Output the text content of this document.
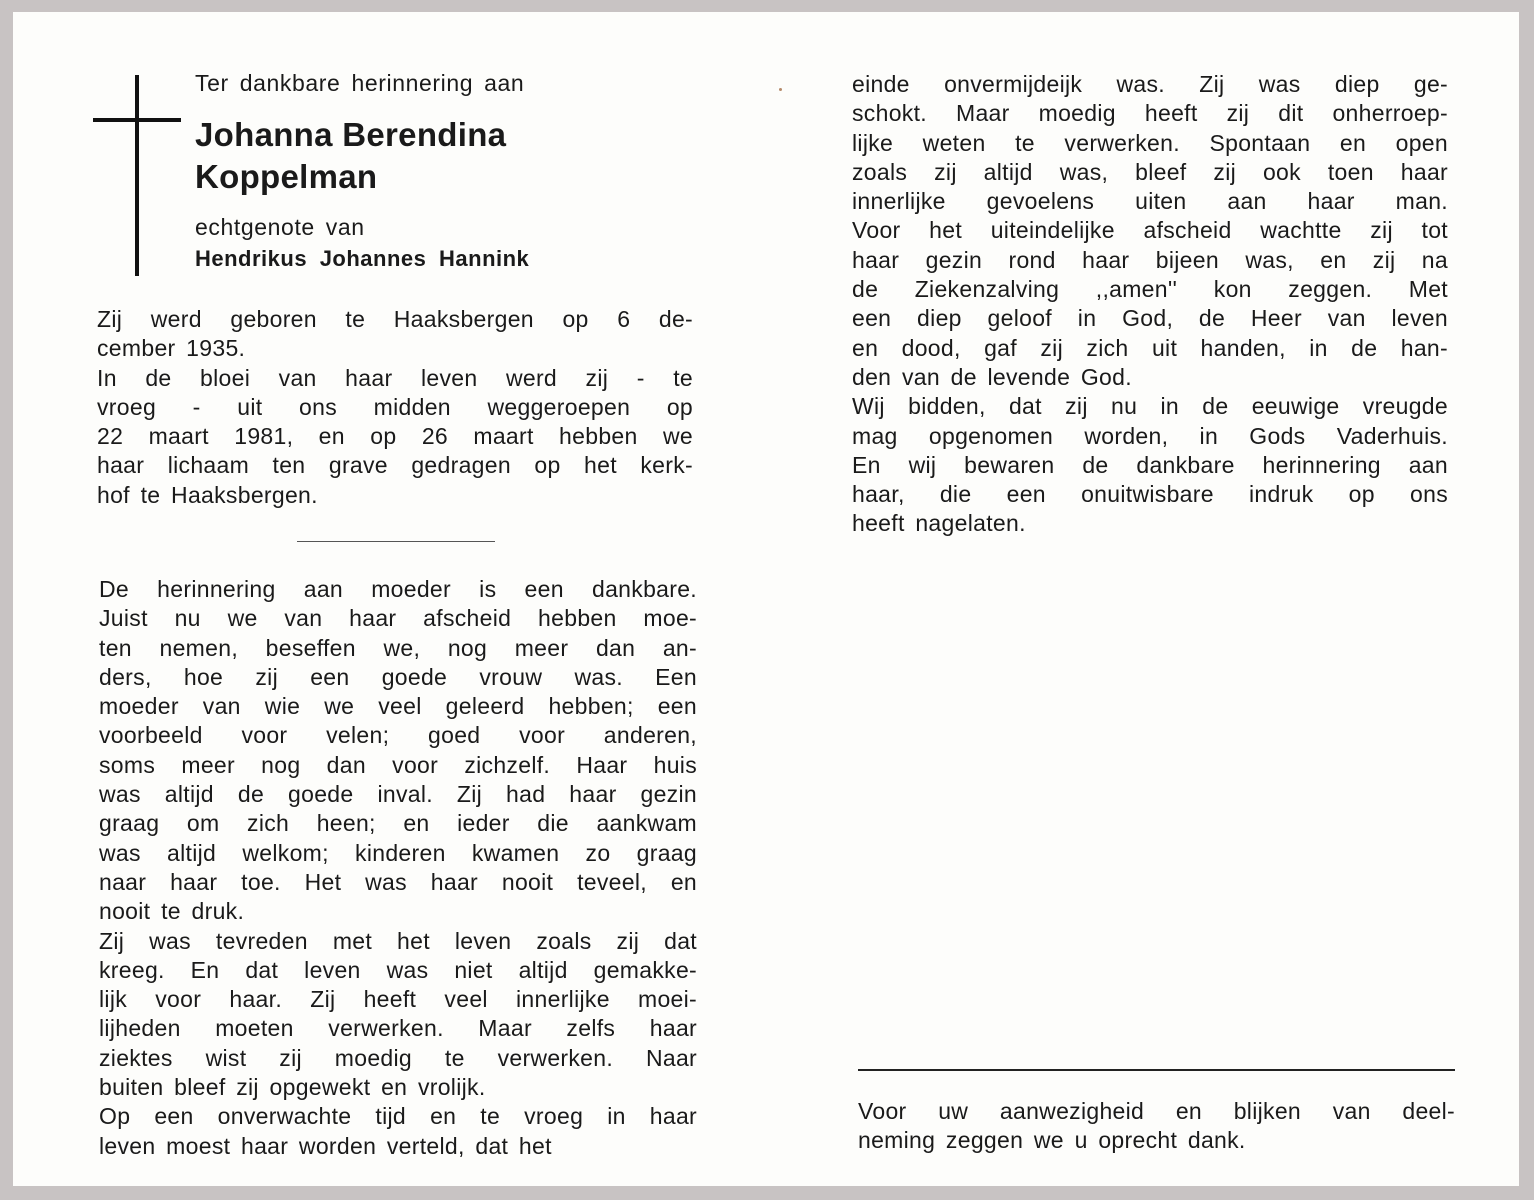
Ter dankbare herinnering aan
Johanna Berendina
Koppelman
echtgenote van
Hendrikus Johannes Hannink
Zij werd geboren te Haaksbergen op 6 de-
cember 1935.
In de bloei van haar leven werd zij - te
vroeg - uit ons midden weggeroepen op
22 maart 1981, en op 26 maart hebben we
haar lichaam ten grave gedragen op het kerk-
hof te Haaksbergen.
De herinnering aan moeder is een dankbare.
Juist nu we van haar afscheid hebben moe-
ten nemen, beseffen we, nog meer dan an-
ders, hoe zij een goede vrouw was. Een
moeder van wie we veel geleerd hebben; een
voorbeeld voor velen; goed voor anderen,
soms meer nog dan voor zichzelf. Haar huis
was altijd de goede inval. Zij had haar gezin
graag om zich heen; en ieder die aankwam
was altijd welkom; kinderen kwamen zo graag
naar haar toe. Het was haar nooit teveel, en
nooit te druk.
Zij was tevreden met het leven zoals zij dat
kreeg. En dat leven was niet altijd gemakke-
lijk voor haar. Zij heeft veel innerlijke moei-
lijheden moeten verwerken. Maar zelfs haar
ziektes wist zij moedig te verwerken. Naar
buiten bleef zij opgewekt en vrolijk.
Op een onverwachte tijd en te vroeg in haar
leven moest haar worden verteld, dat het
einde onvermijdeijk was. Zij was diep ge-
schokt. Maar moedig heeft zij dit onherroep-
lijke weten te verwerken. Spontaan en open
zoals zij altijd was, bleef zij ook toen haar
innerlijke gevoelens uiten aan haar man.
Voor het uiteindelijke afscheid wachtte zij tot
haar gezin rond haar bijeen was, en zij na
de Ziekenzalving ,,amen'' kon zeggen. Met
een diep geloof in God, de Heer van leven
en dood, gaf zij zich uit handen, in de han-
den van de levende God.
Wij bidden, dat zij nu in de eeuwige vreugde
mag opgenomen worden, in Gods Vaderhuis.
En wij bewaren de dankbare herinnering aan
haar, die een onuitwisbare indruk op ons
heeft nagelaten.
Voor uw aanwezigheid en blijken van deel-
neming zeggen we u oprecht dank.
